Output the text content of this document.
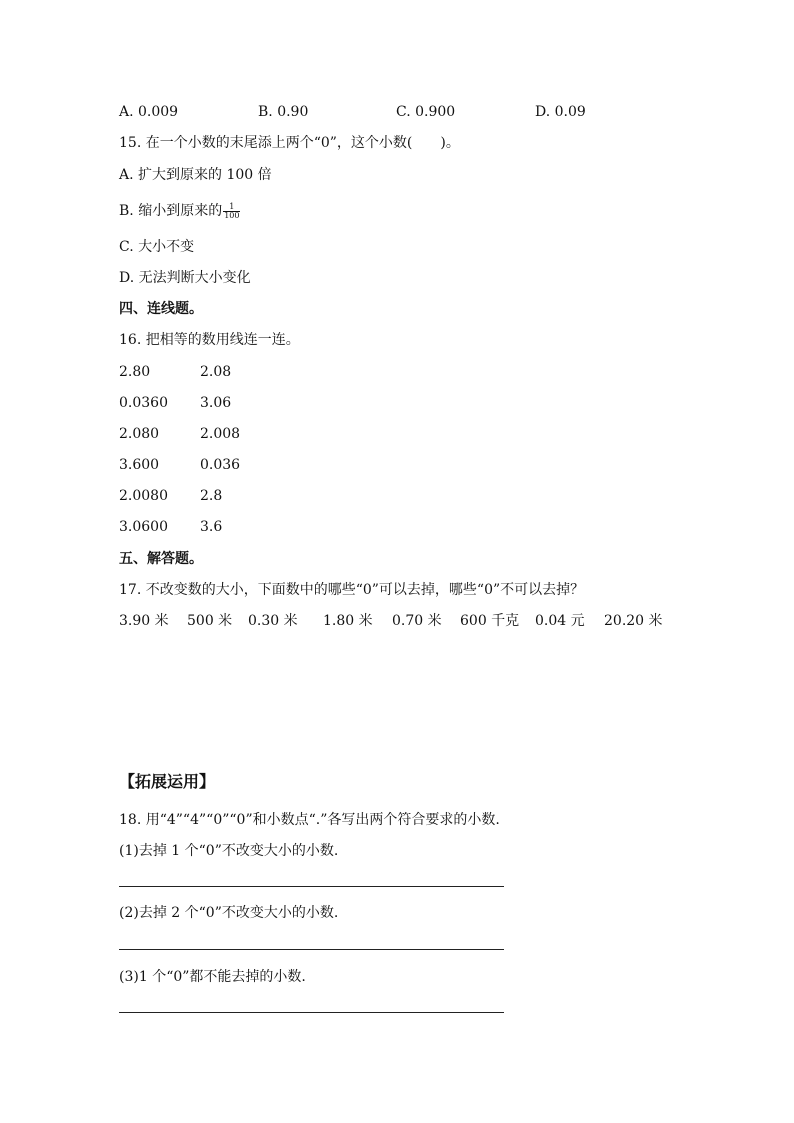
A. 0.009	B. 0.90	C. 0.900	D. 0.09
15. 在一个小数的末尾添上两个“0”，这个小数(　　)。
A. 扩大到原来的 100 倍
B. 缩小到原来的 $\frac{1}{100}$
C. 大小不变
D. 无法判断大小变化
四、连线题。
16. 把相等的数用线连一连。
2.80	2.08
0.0360 3.06
2.080	2.008
3.600	0.036
2.0080 2.8
3.0600 3.6
五、解答题。
17. 不改变数的大小，下面数中的哪些“0”可以去掉，哪些“0”不可以去掉？
3.90 米 500 米 0.30 米 1.80 米 0.70 米 600 千克 0.04 元 20.20 米
【拓展运用】
18. 用“4”“4”“0”“0”和小数点“.”各写出两个符合要求的小数.
(1)去掉 1 个“0”不改变大小的小数.
(2)去掉 2 个“0”不改变大小的小数.
(3)1 个“0”都不能去掉的小数.
